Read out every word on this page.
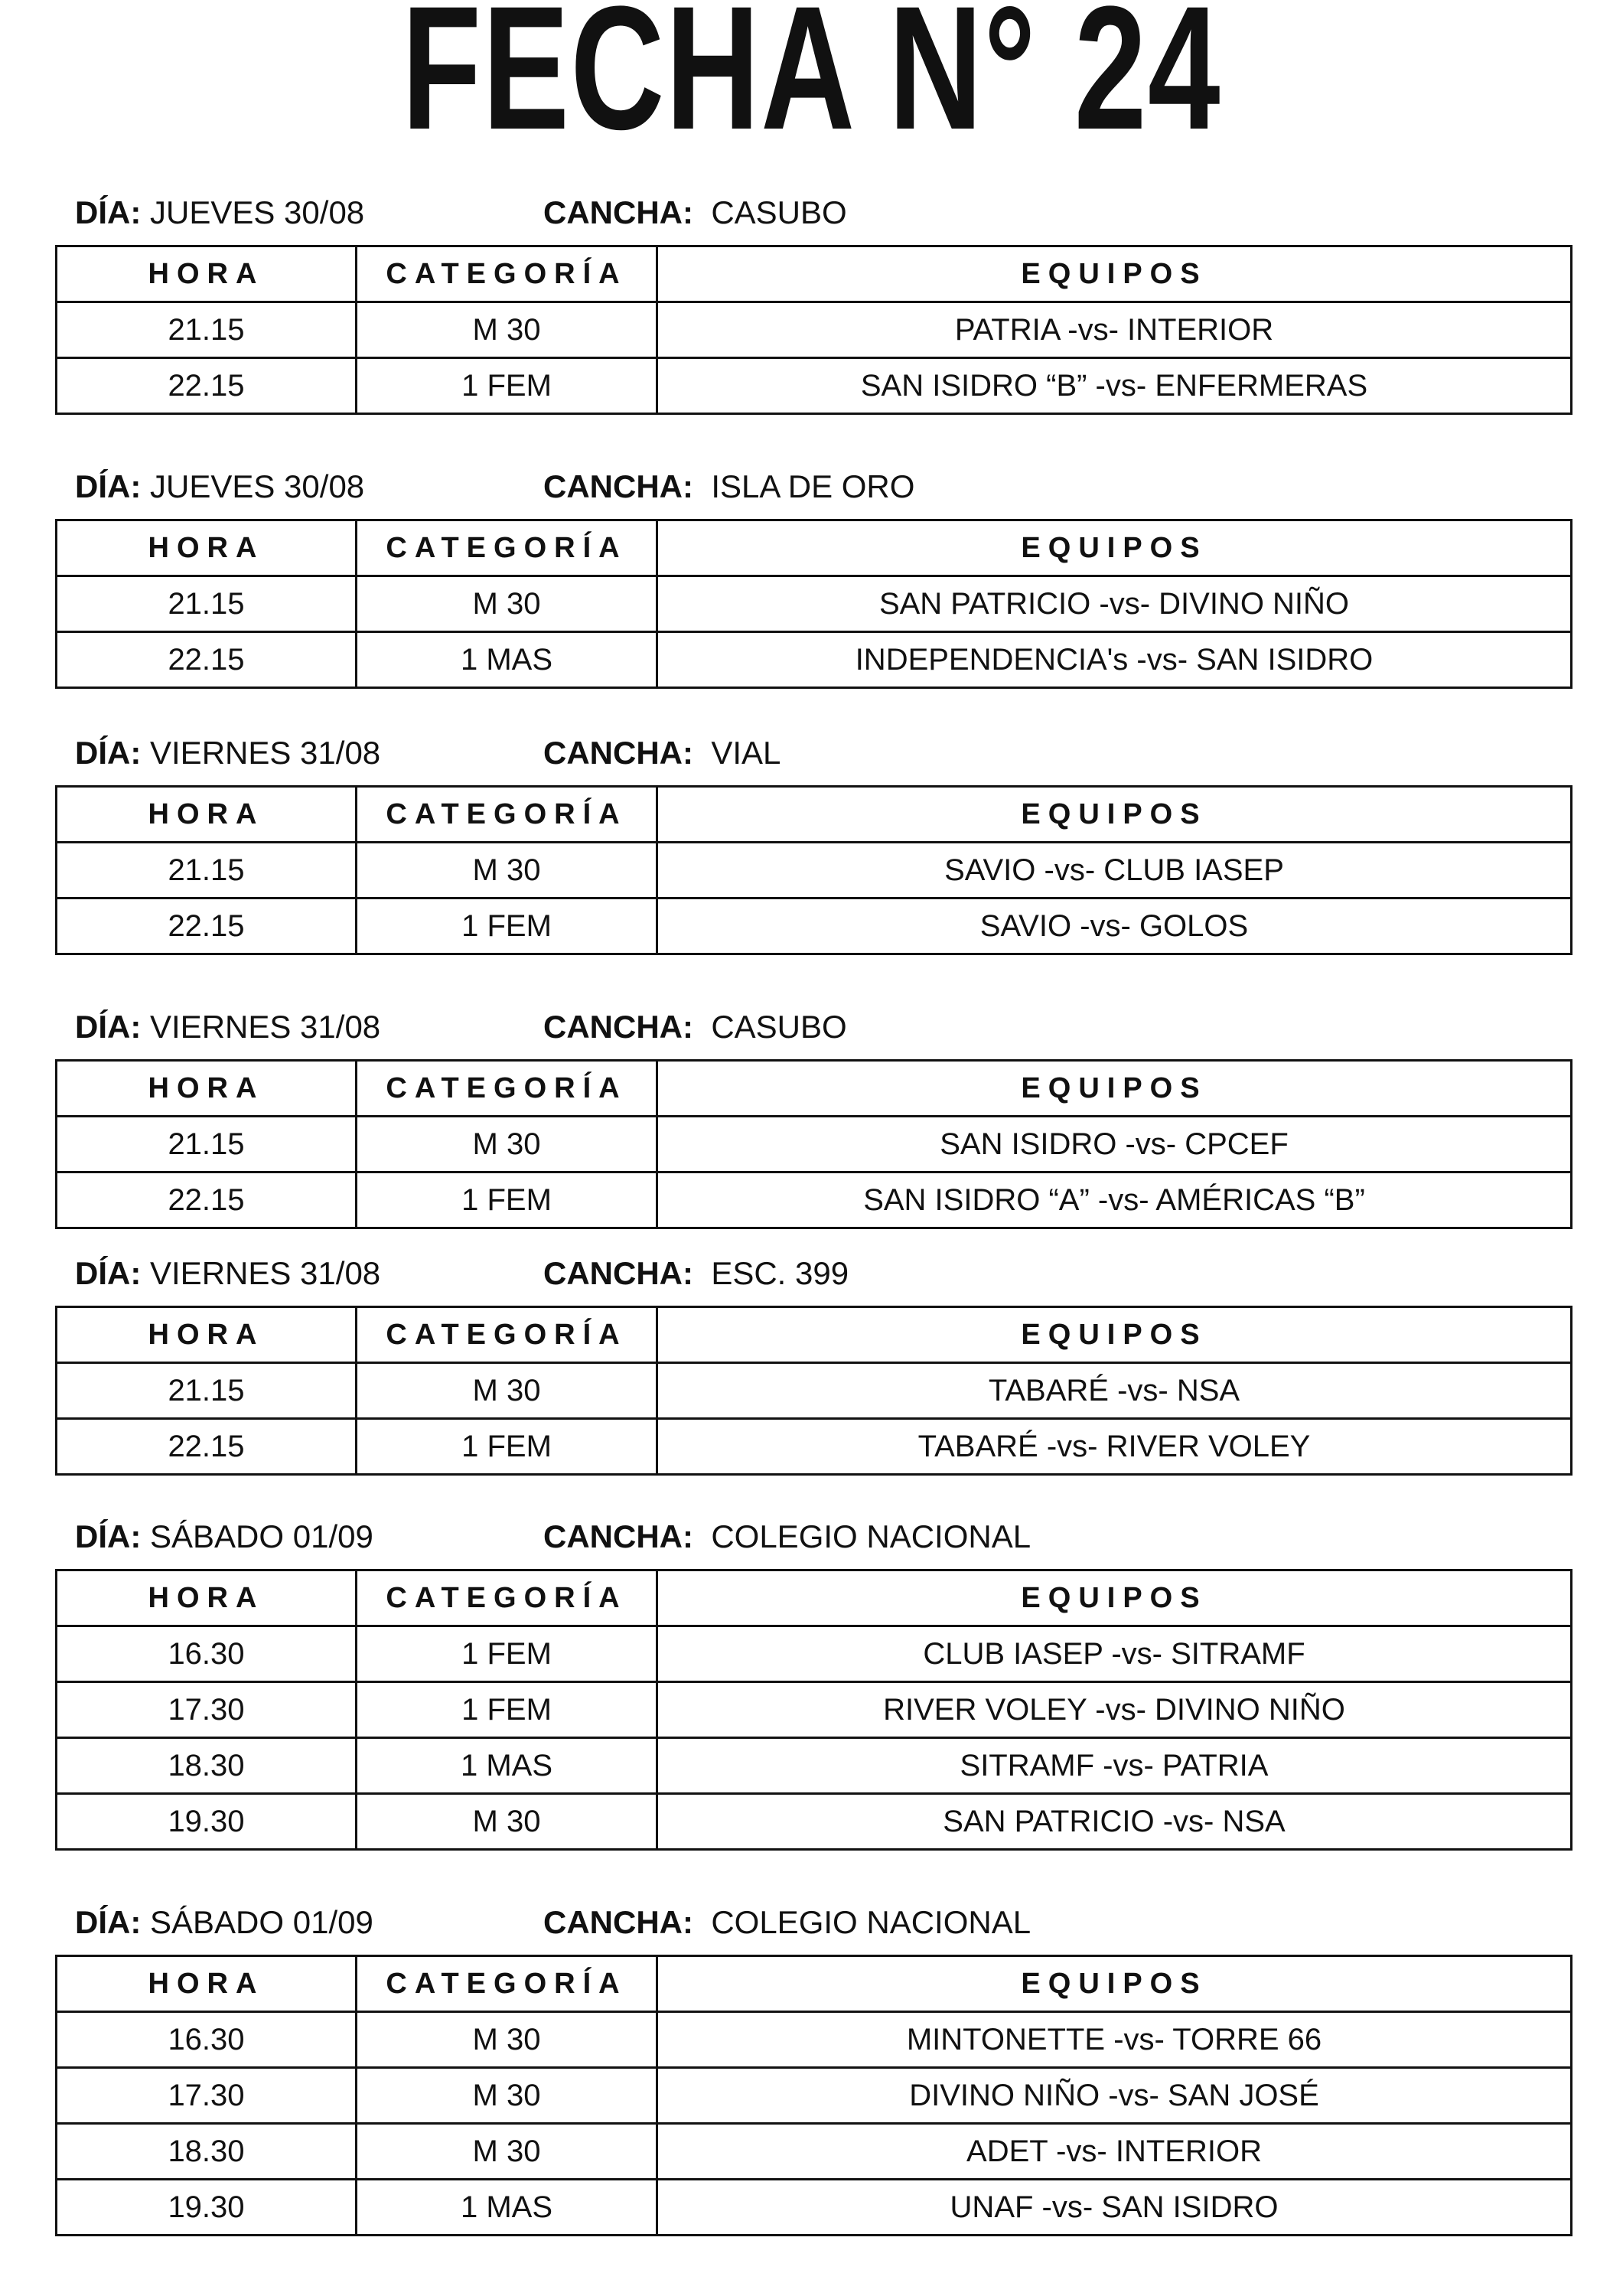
FECHA N° 24
DÍA: JUEVES 30/08	CANCHA: CASUBO
HORA	CATEGORÍA	EQUIPOS
21.15	M 30	PATRIA -vs- INTERIOR
22.15	1 FEM	SAN ISIDRO “B” -vs- ENFERMERAS
DÍA: JUEVES 30/08	CANCHA: ISLA DE ORO
HORA	CATEGORÍA	EQUIPOS
21.15	M 30	SAN PATRICIO -vs- DIVINO NIÑO
22.15	1 MAS	INDEPENDENCIA's -vs- SAN ISIDRO
DÍA: VIERNES 31/08	CANCHA: VIAL
HORA	CATEGORÍA	EQUIPOS
21.15	M 30	SAVIO -vs- CLUB IASEP
22.15	1 FEM	SAVIO -vs- GOLOS
DÍA: VIERNES 31/08	CANCHA: CASUBO
HORA	CATEGORÍA	EQUIPOS
21.15	M 30	SAN ISIDRO -vs- CPCEF
22.15	1 FEM	SAN ISIDRO “A” -vs- AMÉRICAS “B”
DÍA: VIERNES 31/08	CANCHA: ESC. 399
HORA	CATEGORÍA	EQUIPOS
21.15	M 30	TABARÉ -vs- NSA
22.15	1 FEM	TABARÉ -vs- RIVER VOLEY
DÍA: SÁBADO 01/09	CANCHA: COLEGIO NACIONAL
HORA	CATEGORÍA	EQUIPOS
16.30	1 FEM	CLUB IASEP -vs- SITRAMF
17.30	1 FEM	RIVER VOLEY -vs- DIVINO NIÑO
18.30	1 MAS	SITRAMF -vs- PATRIA
19.30	M 30	SAN PATRICIO -vs- NSA
DÍA: SÁBADO 01/09	CANCHA: COLEGIO NACIONAL
HORA	CATEGORÍA	EQUIPOS
16.30	M 30	MINTONETTE -vs- TORRE 66
17.30	M 30	DIVINO NIÑO -vs- SAN JOSÉ
18.30	M 30	ADET -vs- INTERIOR
19.30	1 MAS	UNAF -vs- SAN ISIDRO
